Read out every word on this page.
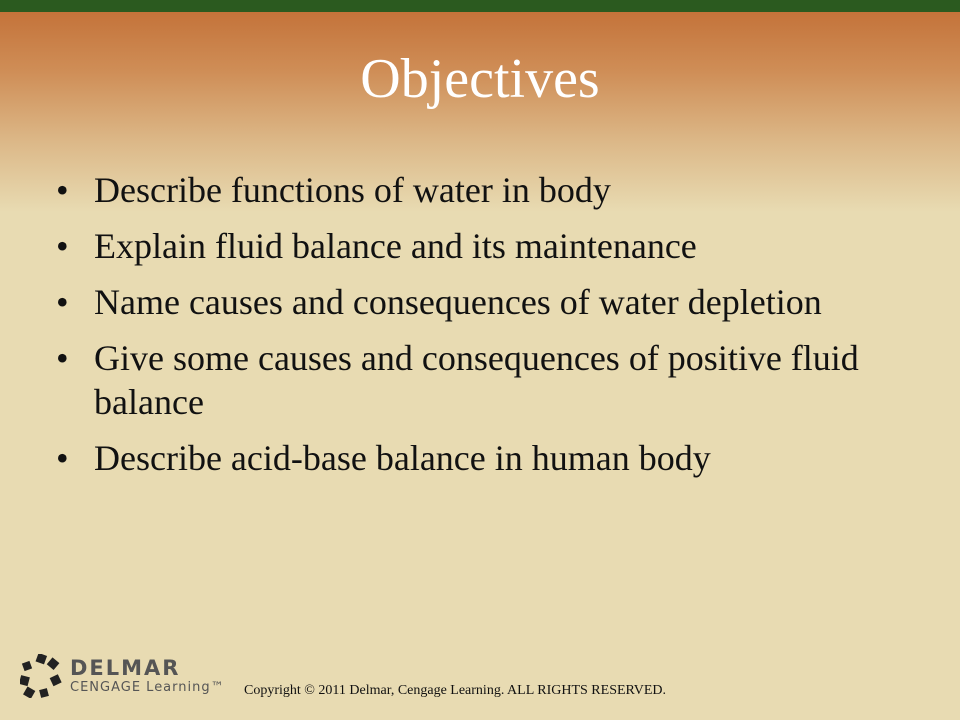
Objectives
• Describe functions of water in body
• Explain fluid balance and its maintenance
• Name causes and consequences of water depletion
• Give some causes and consequences of positive fluid balance
• Describe acid-base balance in human body
DELMAR
CENGAGE Learning™ Copyright © 2011 Delmar, Cengage Learning. ALL RIGHTS RESERVED.
